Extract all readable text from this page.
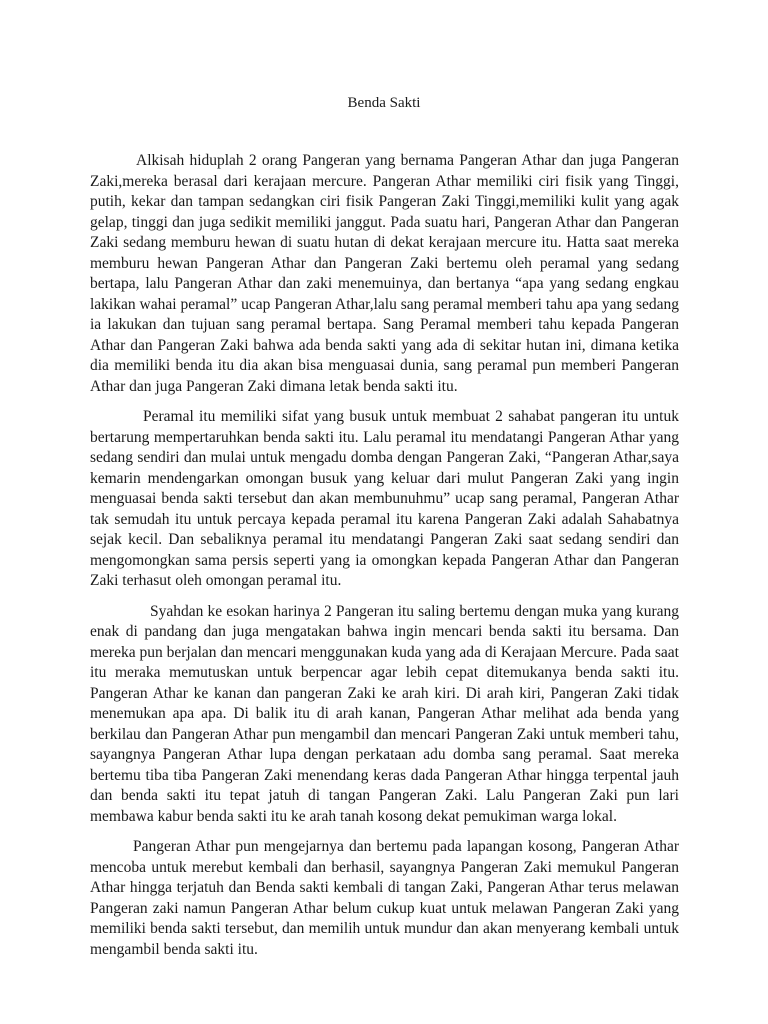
Benda Sakti

Alkisah hiduplah 2 orang Pangeran yang bernama Pangeran Athar dan juga Pangeran Zaki,mereka berasal dari kerajaan mercure. Pangeran Athar memiliki ciri fisik yang Tinggi, putih, kekar dan tampan sedangkan ciri fisik Pangeran Zaki Tinggi,memiliki kulit yang agak gelap, tinggi dan juga sedikit memiliki janggut. Pada suatu hari, Pangeran Athar dan Pangeran Zaki sedang memburu hewan di suatu hutan di dekat kerajaan mercure itu. Hatta saat mereka memburu hewan Pangeran Athar dan Pangeran Zaki bertemu oleh peramal yang sedang bertapa, lalu Pangeran Athar dan zaki menemuinya, dan bertanya “apa yang sedang engkau lakikan wahai peramal” ucap Pangeran Athar,lalu sang peramal memberi tahu apa yang sedang ia lakukan dan tujuan sang peramal bertapa. Sang Peramal memberi tahu kepada Pangeran Athar dan Pangeran Zaki bahwa ada benda sakti yang ada di sekitar hutan ini, dimana ketika dia memiliki benda itu dia akan bisa menguasai dunia, sang peramal pun memberi Pangeran Athar dan juga Pangeran Zaki dimana letak benda sakti itu.

Peramal itu memiliki sifat yang busuk untuk membuat 2 sahabat pangeran itu untuk bertarung mempertaruhkan benda sakti itu. Lalu peramal itu mendatangi Pangeran Athar yang sedang sendiri dan mulai untuk mengadu domba dengan Pangeran Zaki, “Pangeran Athar,saya kemarin mendengarkan omongan busuk yang keluar dari mulut Pangeran Zaki yang ingin menguasai benda sakti tersebut dan akan membunuhmu” ucap sang peramal, Pangeran Athar tak semudah itu untuk percaya kepada peramal itu karena Pangeran Zaki adalah Sahabatnya sejak kecil. Dan sebaliknya peramal itu mendatangi Pangeran Zaki saat sedang sendiri dan mengomongkan sama persis seperti yang ia omongkan kepada Pangeran Athar dan Pangeran Zaki terhasut oleh omongan peramal itu.

Syahdan ke esokan harinya 2 Pangeran itu saling bertemu dengan muka yang kurang enak di pandang dan juga mengatakan bahwa ingin mencari benda sakti itu bersama. Dan mereka pun berjalan dan mencari menggunakan kuda yang ada di Kerajaan Mercure. Pada saat itu meraka memutuskan untuk berpencar agar lebih cepat ditemukanya benda sakti itu. Pangeran Athar ke kanan dan pangeran Zaki ke arah kiri. Di arah kiri, Pangeran Zaki tidak menemukan apa apa. Di balik itu di arah kanan, Pangeran Athar melihat ada benda yang berkilau dan Pangeran Athar pun mengambil dan mencari Pangeran Zaki untuk memberi tahu, sayangnya Pangeran Athar lupa dengan perkataan adu domba sang peramal. Saat mereka bertemu tiba tiba Pangeran Zaki menendang keras dada Pangeran Athar hingga terpental jauh dan benda sakti itu tepat jatuh di tangan Pangeran Zaki. Lalu Pangeran Zaki pun lari membawa kabur benda sakti itu ke arah tanah kosong dekat pemukiman warga lokal.

Pangeran Athar pun mengejarnya dan bertemu pada lapangan kosong, Pangeran Athar mencoba untuk merebut kembali dan berhasil, sayangnya Pangeran Zaki memukul Pangeran Athar hingga terjatuh dan Benda sakti kembali di tangan Zaki, Pangeran Athar terus melawan Pangeran zaki namun Pangeran Athar belum cukup kuat untuk melawan Pangeran Zaki yang memiliki benda sakti tersebut, dan memilih untuk mundur dan akan menyerang kembali untuk mengambil benda sakti itu.
